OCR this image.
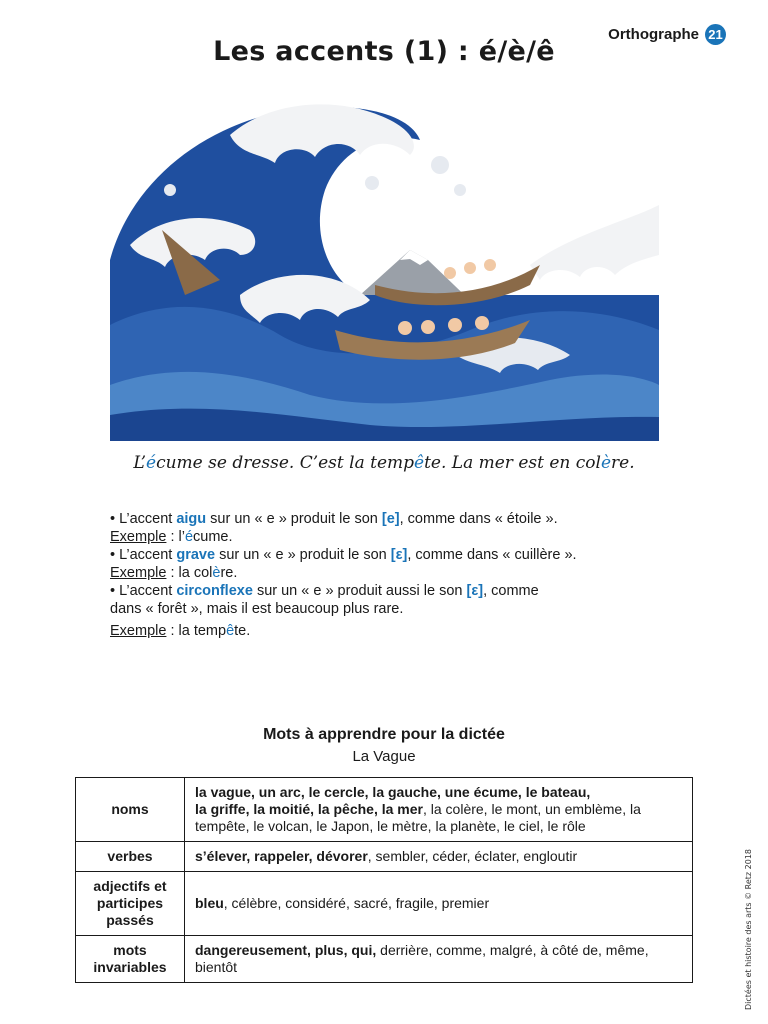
Orthographe 21
Les accents (1) : é/è/ê
L’écume se dresse. C’est la tempête. La mer est en colère.

• L’accent aigu sur un « e » produit le son [e], comme dans « étoile ».

Exemple : l’écume.

• L’accent grave sur un « e » produit le son [ε], comme dans « cuillère ».

Exemple : la colère.

• L’accent circonflexe sur un « e » produit aussi le son [ε], comme

dans « forêt », mais il est beaucoup plus rare.

Exemple : la tempête.

Mots à apprendre pour la dictée
La Vague
noms	la vague, un arc, le cercle, la gauche, une écume, le bateau,
la griffe, la moitié, la pêche, la mer, la colère, le mont, un emblème, la tempête, le volcan, le Japon, le mètre, la planète, le ciel, le rôle
verbes	s’élever, rappeler, dévorer, sembler, céder, éclater, engloutir
adjectifs et participes passés	bleu, célèbre, considéré, sacré, fragile, premier
mots invariables	dangereusement, plus, qui, derrière, comme, malgré, à côté de, même, bientôt	Dictées et histoire des arts © Retz 2018
